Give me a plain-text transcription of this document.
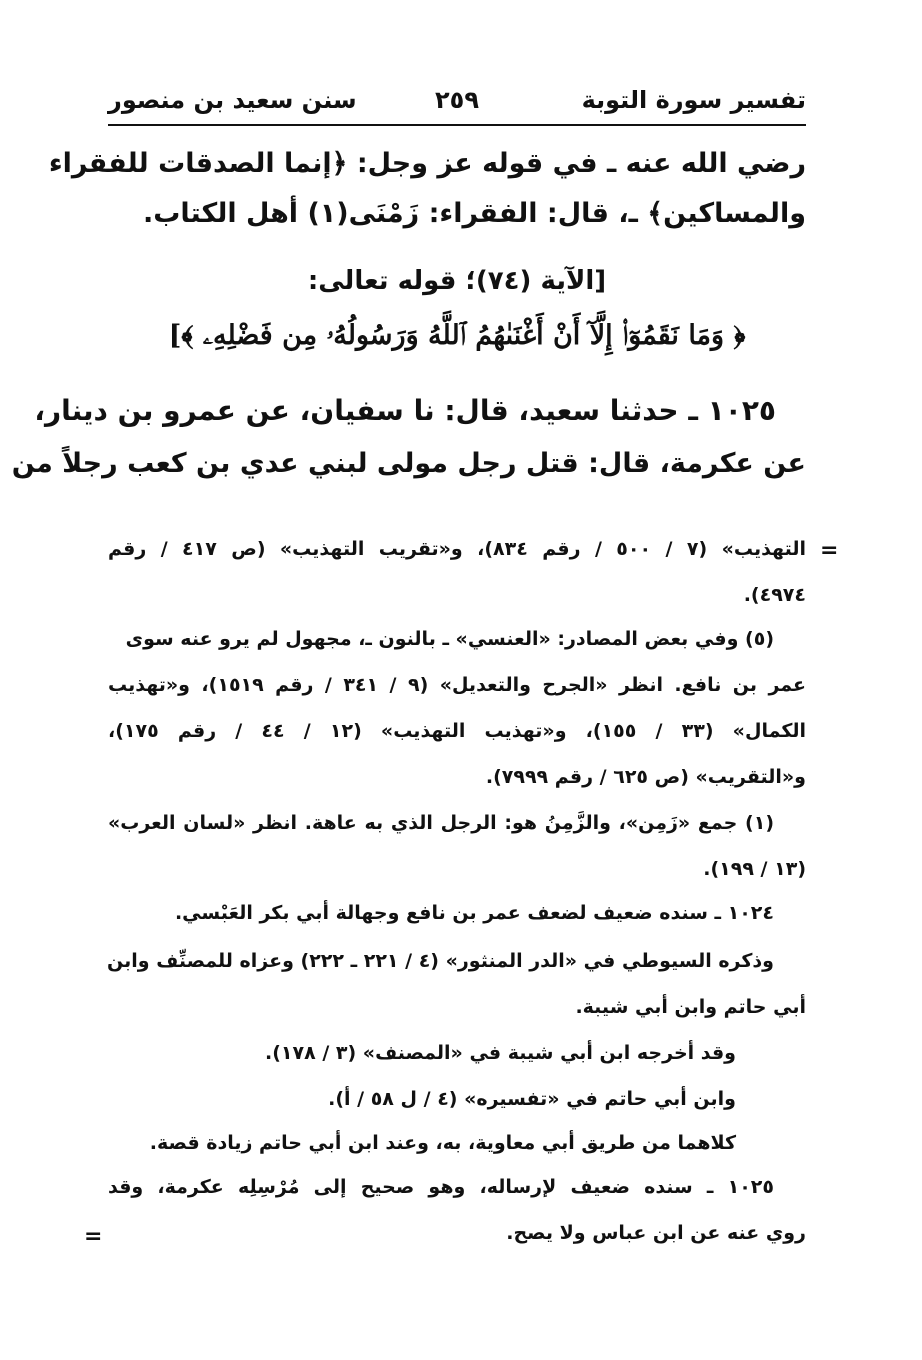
تفسير سورة التوبة
٢٥٩
سنن سعيد بن منصور
رضي الله عنه ـ في قوله عز وجل: ﴿إنما الصدقات للفقراء
والمساكين﴾ ـ، قال: الفقراء: زَمْنَى(١) أهل الكتاب.
[الآية (٧٤)؛ قوله تعالى:
﴿ وَمَا نَقَمُوٓا۟ إِلَّآ أَنْ أَغْنَىٰهُمُ ٱللَّهُ وَرَسُولُهُۥ مِن فَضْلِهِۦ ﴾]
١٠٢٥ ـ حدثنا سعيد، قال: نا سفيان، عن عمرو بن دينار،
عن عكرمة، قال: قتل رجل مولى لبني عدي بن كعب رجلاً من
=
التهذيب» (٧ / ٥٠٠ / رقم ٨٣٤)، و«تقريب التهذيب» (ص ٤١٧ / رقم
٤٩٧٤).
(٥) وفي بعض المصادر: «العنسي» ـ بالنون ـ، مجهول لم يرو عنه سوى
عمر بن نافع. انظر «الجرح والتعديل» (٩ / ٣٤١ / رقم ١٥١٩)، و«تهذيب
الكمال» (٣٣ / ١٥٥)، و«تهذيب التهذيب» (١٢ / ٤٤ / رقم ١٧٥)،
و«التقريب» (ص ٦٢٥ / رقم ٧٩٩٩).
(١) جمع «زَمِن»، والزَّمِنُ هو: الرجل الذي به عاهة. انظر «لسان العرب»
(١٣ / ١٩٩).
١٠٢٤ ـ سنده ضعيف لضعف عمر بن نافع وجهالة أبي بكر العَبْسي.
وذكره السيوطي في «الدر المنثور» (٤ / ٢٢١ ـ ٢٢٢) وعزاه للمصنِّف وابن
أبي حاتم وابن أبي شيبة.
وقد أخرجه ابن أبي شيبة في «المصنف» (٣ / ١٧٨).
وابن أبي حاتم في «تفسيره» (٤ / ل ٥٨ / أ).
كلاهما من طريق أبي معاوية، به، وعند ابن أبي حاتم زيادة قصة.
١٠٢٥ ـ سنده ضعيف لإرساله، وهو صحيح إلى مُرْسِلِه عكرمة، وقد
روي عنه عن ابن عباس ولا يصح.
=
